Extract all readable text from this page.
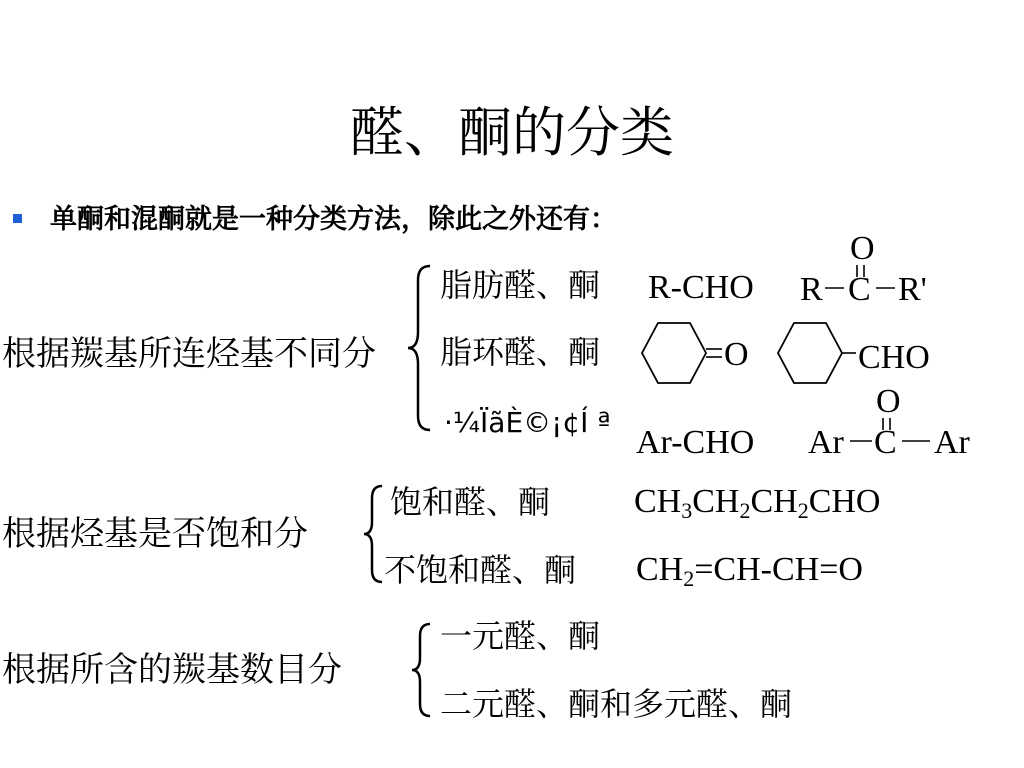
醛、酮的分类
单酮和混酮就是一种分类方法，除此之外还有：
根据羰基所连烃基不同分
脂肪醛、酮 R-CHO
O
R C R'
脂环醛、酮	O	CHO
·¼ÏãÈ©¡¢Í ª
Ar-CHO
O
Ar C Ar
根据烃基是否饱和分
饱和醛、酮 $CH_3CH_2CH_2CHO$
不饱和醛、酮 $CH_2=CH-CH=O$
根据所含的羰基数目分
一元醛、酮
二元醛、酮和多元醛、酮
